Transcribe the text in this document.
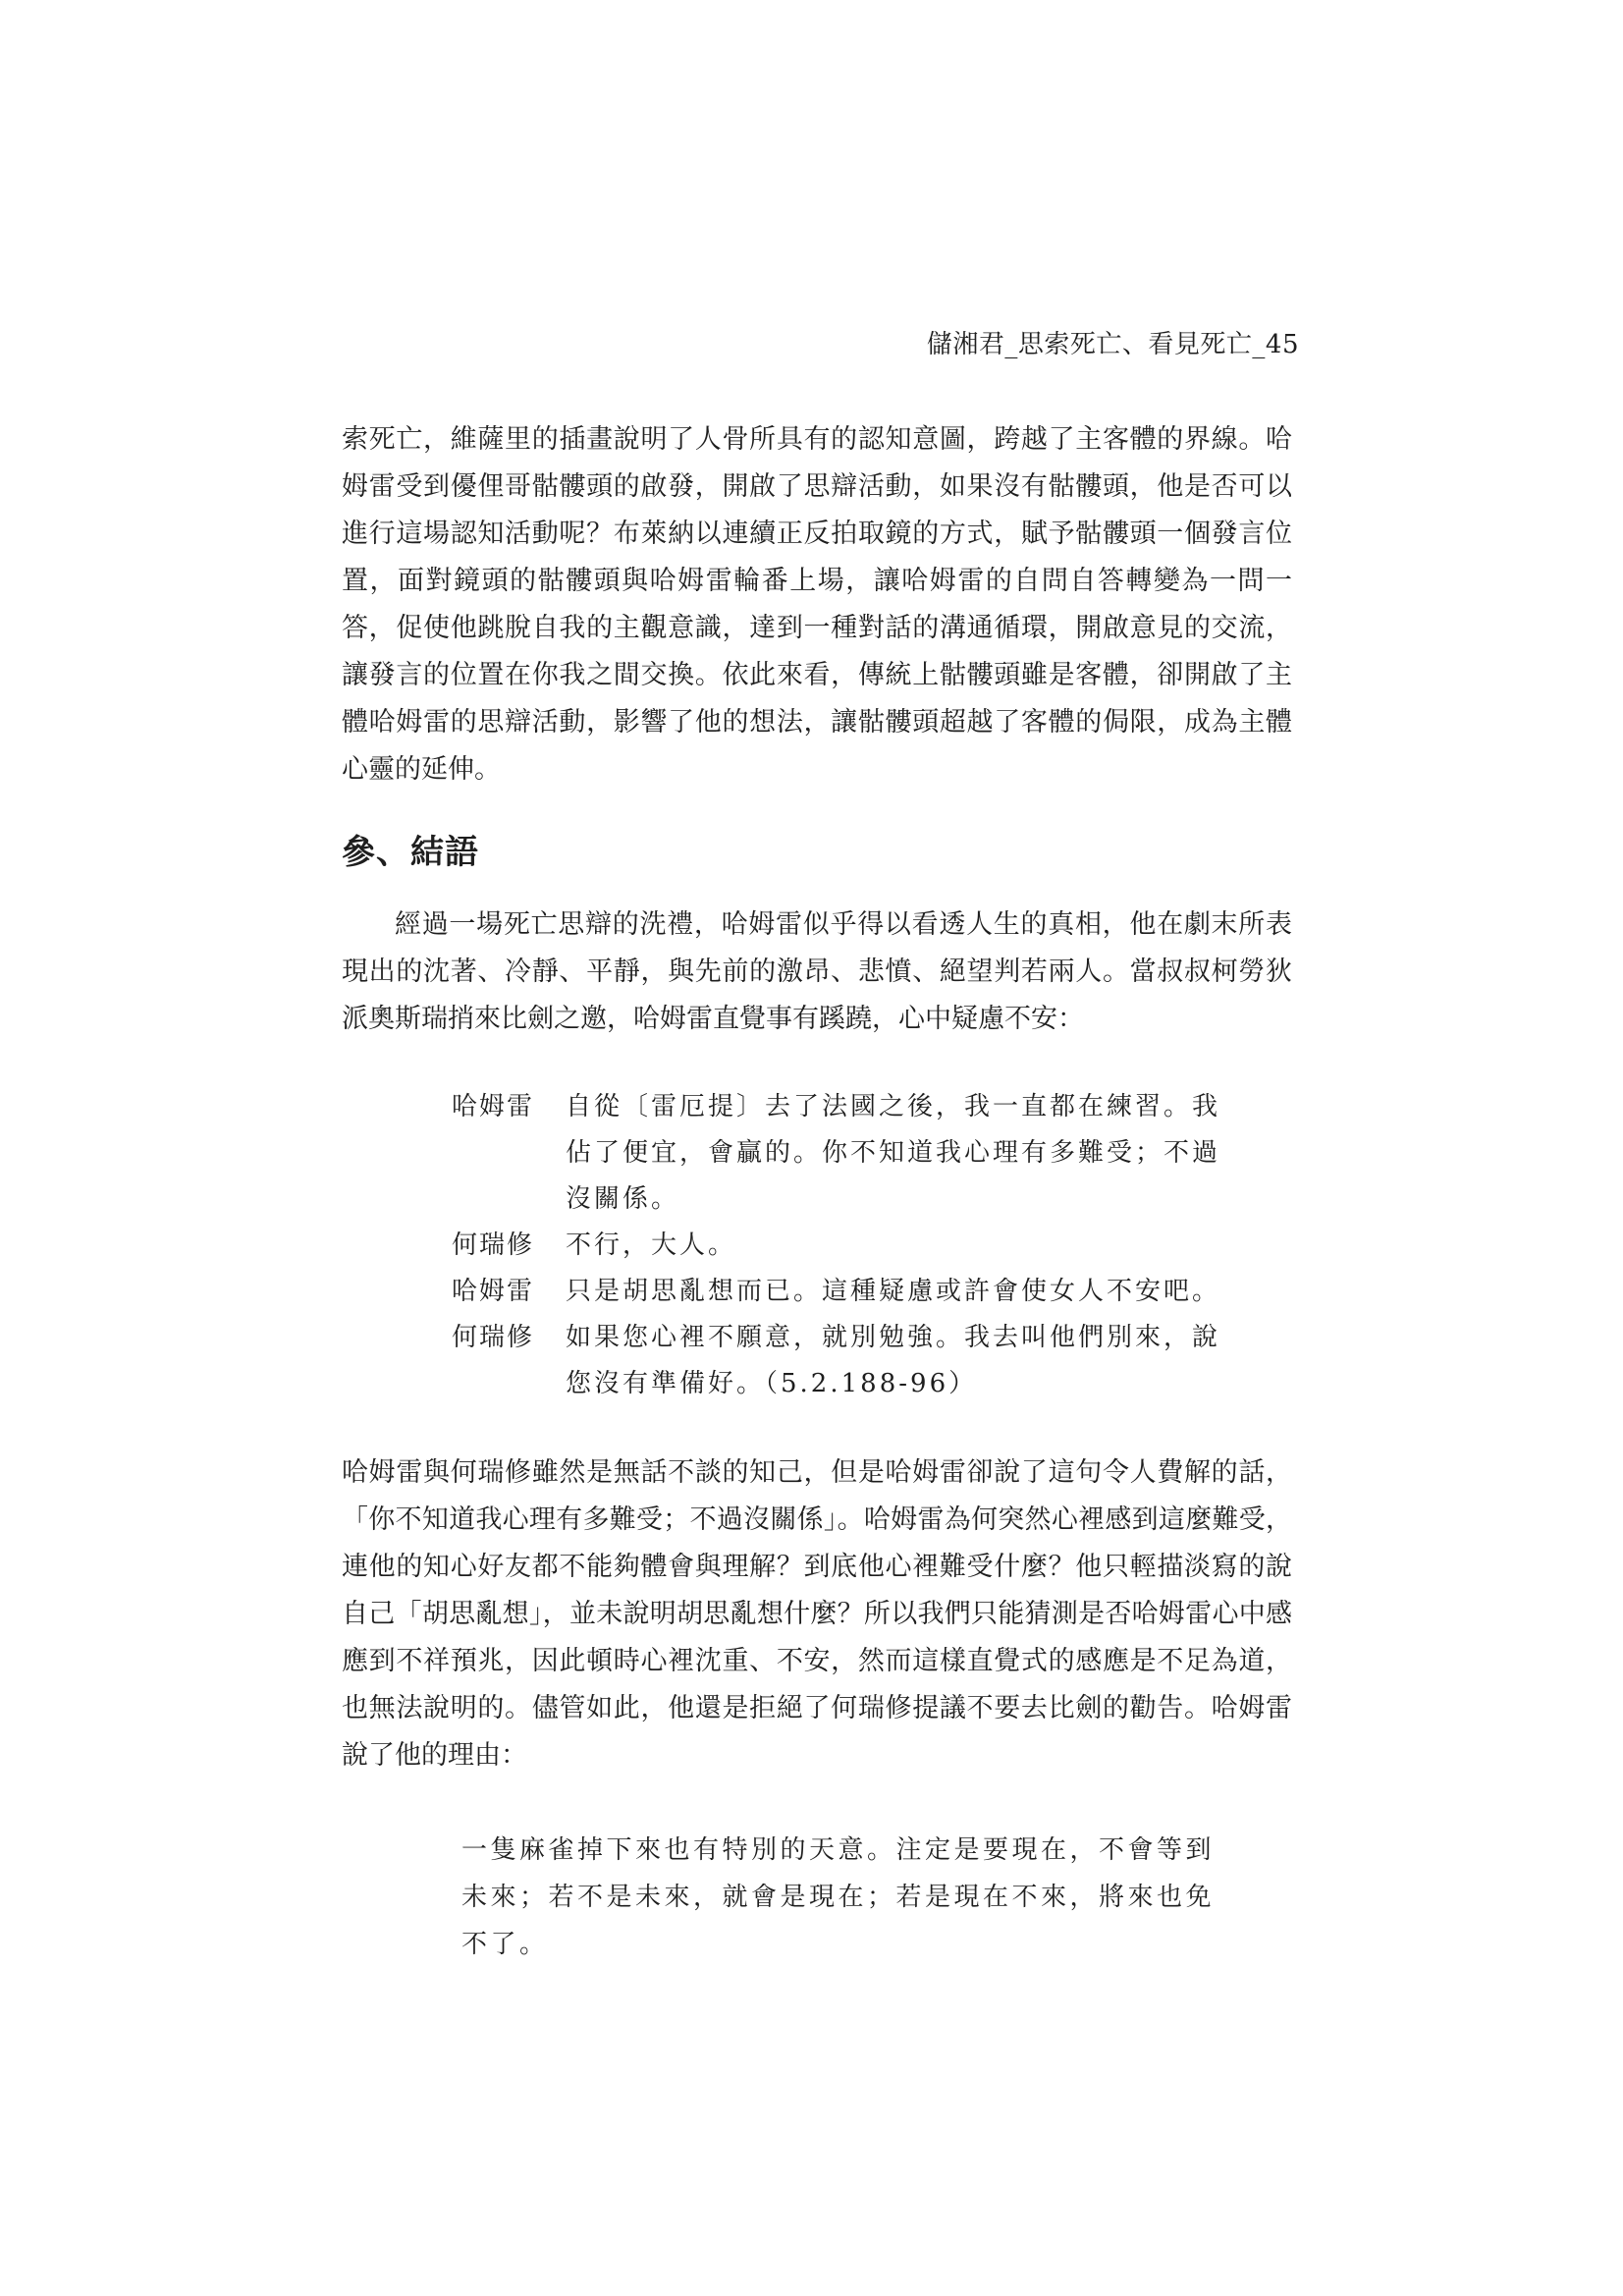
儲湘君_思索死亡、看見死亡_45

索死亡，維薩里的插畫說明了人骨所具有的認知意圖，跨越了主客體的界線。哈姆雷受到優俚哥骷髏頭的啟發，開啟了思辯活動，如果沒有骷髏頭，他是否可以進行這場認知活動呢？布萊納以連續正反拍取鏡的方式，賦予骷髏頭一個發言位置，面對鏡頭的骷髏頭與哈姆雷輪番上場，讓哈姆雷的自問自答轉變為一問一答，促使他跳脫自我的主觀意識，達到一種對話的溝通循環，開啟意見的交流，讓發言的位置在你我之間交換。依此來看，傳統上骷髏頭雖是客體，卻開啟了主體哈姆雷的思辯活動，影響了他的想法，讓骷髏頭超越了客體的侷限，成為主體心靈的延伸。

參、結語

經過一場死亡思辯的洗禮，哈姆雷似乎得以看透人生的真相，他在劇末所表現出的沈著、冷靜、平靜，與先前的激昂、悲憤、絕望判若兩人。當叔叔柯勞狄派奧斯瑞捎來比劍之邀，哈姆雷直覺事有蹊蹺，心中疑慮不安：

哈姆雷	自從〔雷厄提〕去了法國之後，我一直都在練習。我佔了便宜，會贏的。你不知道我心理有多難受；不過沒關係。
何瑞修	不行，大人。
哈姆雷	只是胡思亂想而已。這種疑慮或許會使女人不安吧。
何瑞修	如果您心裡不願意，就別勉強。我去叫他們別來，說您沒有準備好。（5.2.188-96）

哈姆雷與何瑞修雖然是無話不談的知己，但是哈姆雷卻說了這句令人費解的話，「你不知道我心理有多難受；不過沒關係」。哈姆雷為何突然心裡感到這麼難受，連他的知心好友都不能夠體會與理解？到底他心裡難受什麼？他只輕描淡寫的說自己「胡思亂想」，並未說明胡思亂想什麼？所以我們只能猜測是否哈姆雷心中感應到不祥預兆，因此頓時心裡沈重、不安，然而這樣直覺式的感應是不足為道，也無法說明的。儘管如此，他還是拒絕了何瑞修提議不要去比劍的勸告。哈姆雷說了他的理由：

一隻麻雀掉下來也有特別的天意。注定是要現在，不會等到未來；若不是未來，就會是現在；若是現在不來，將來也免不了。
